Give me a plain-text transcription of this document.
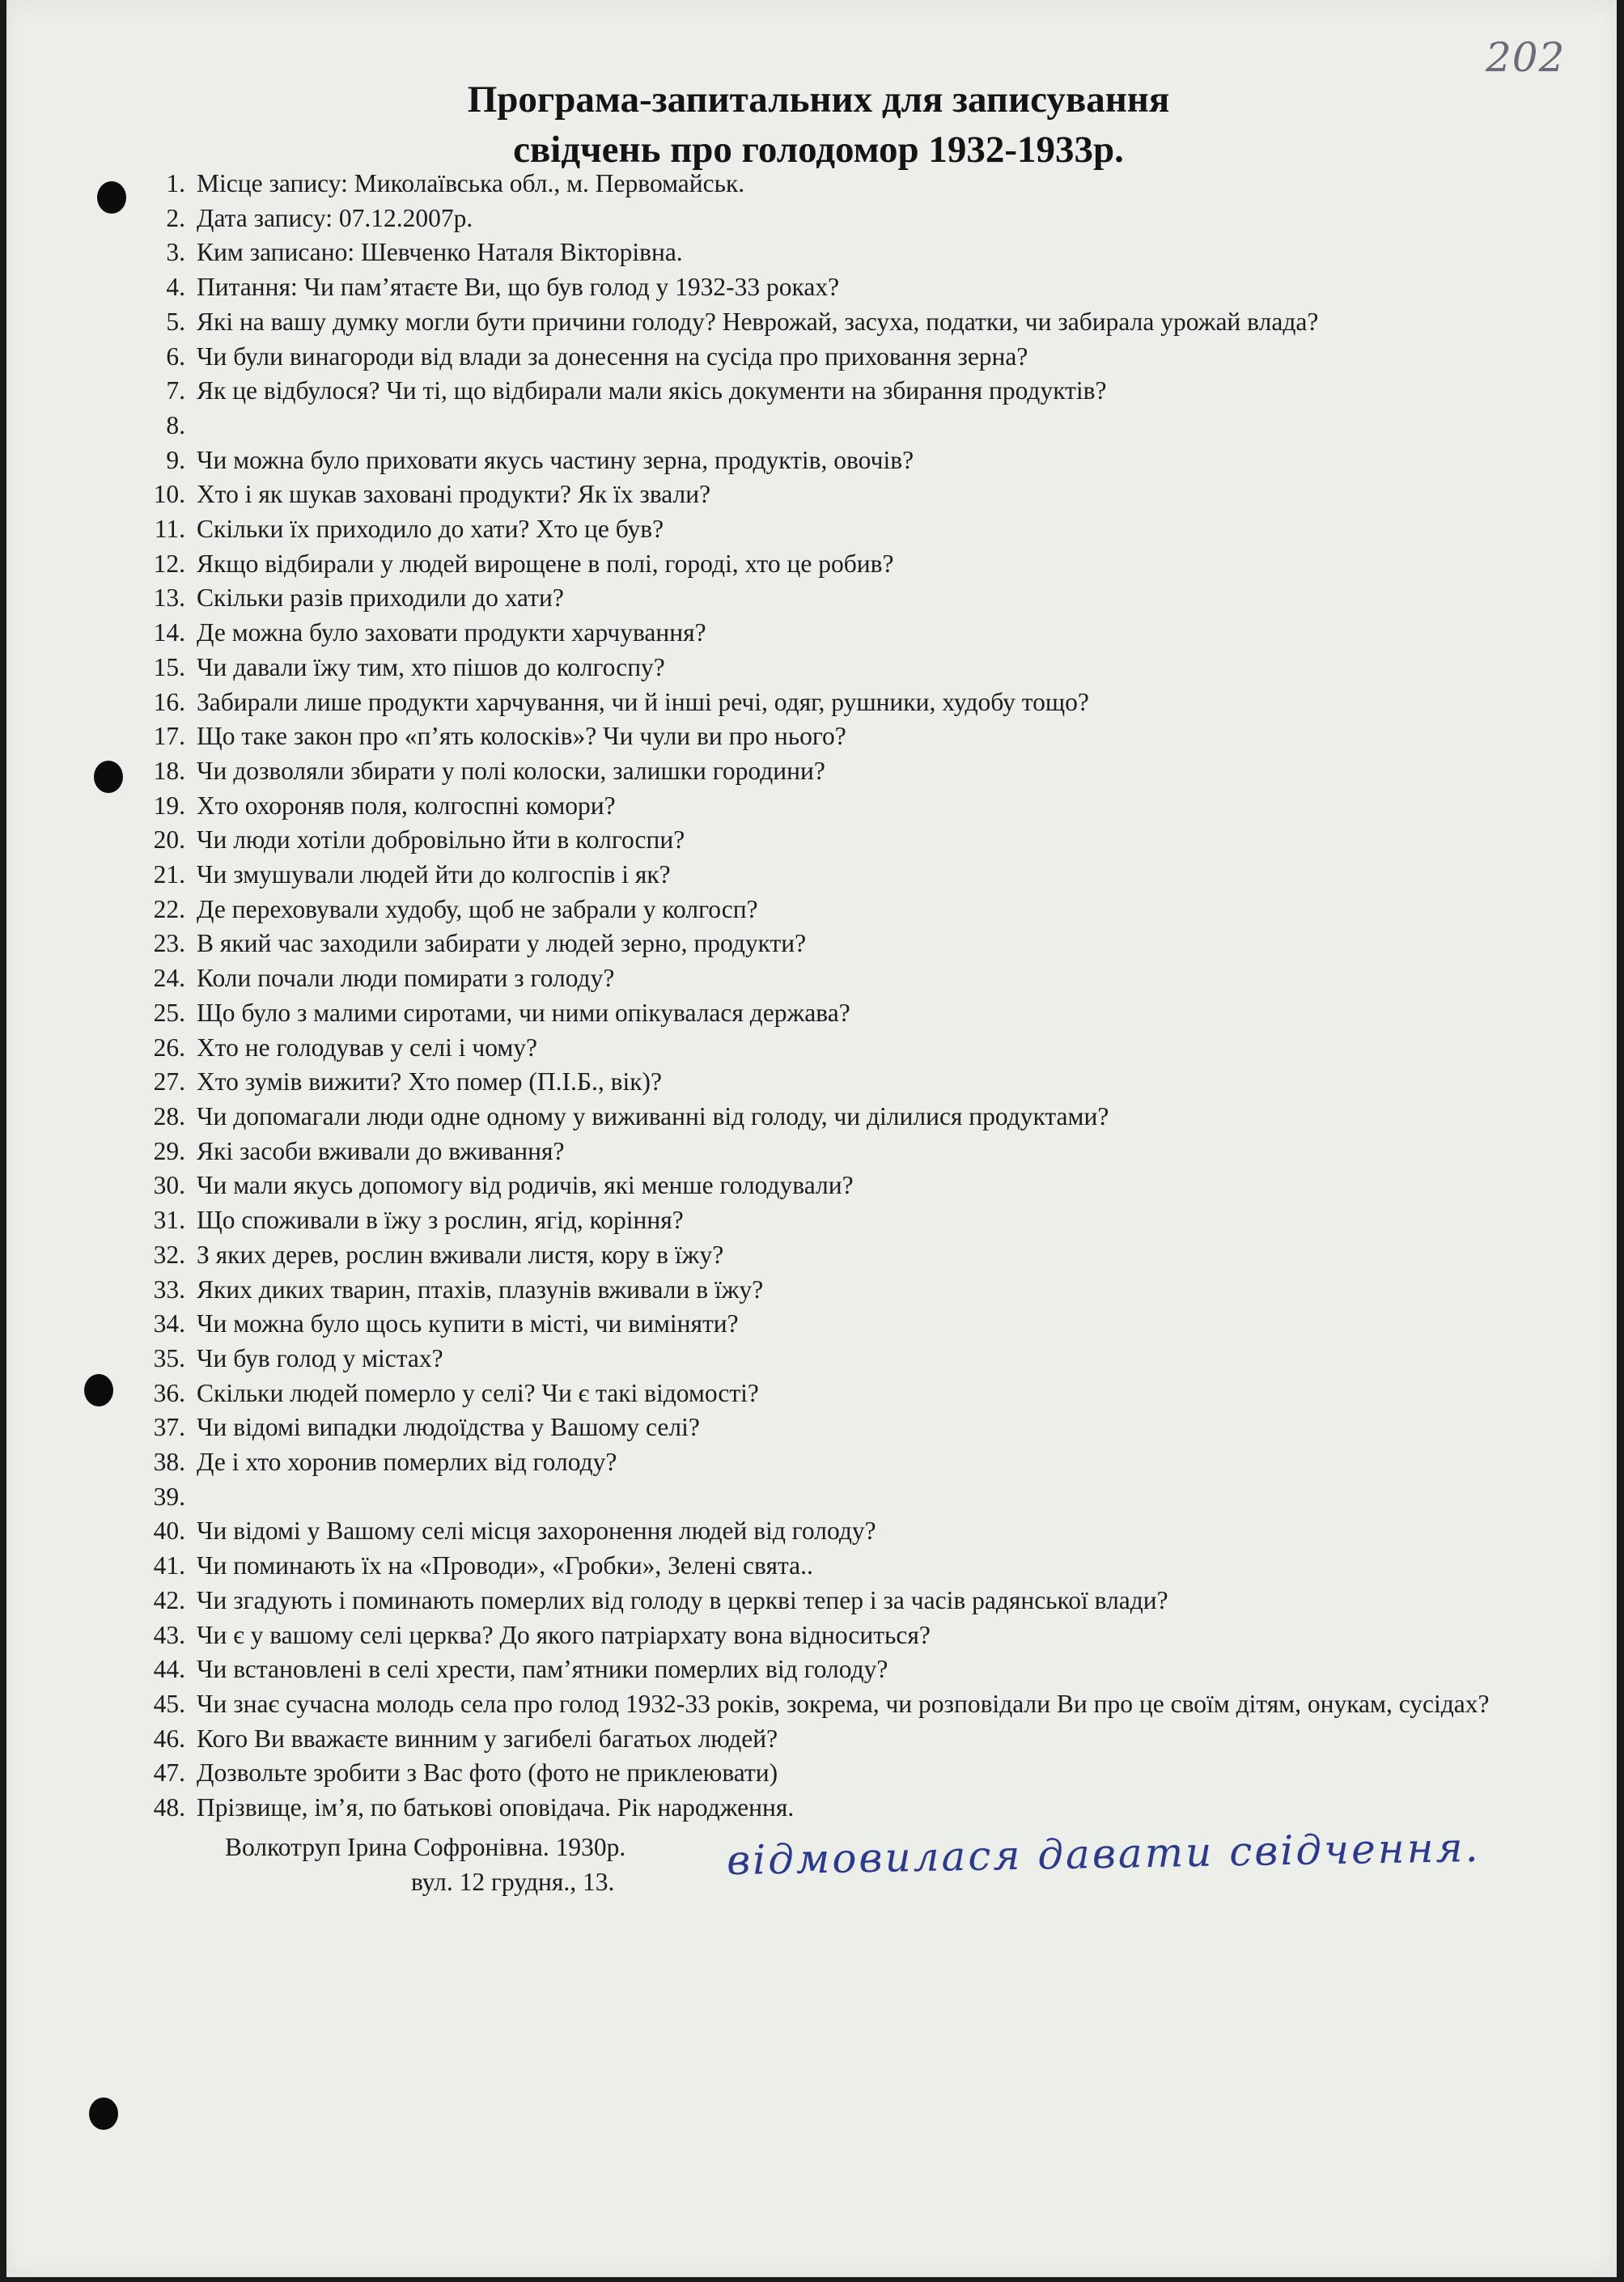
202
Програма-запитальних для записування
свідчень про голодомор 1932-1933р.
1. Місце запису: Миколаївська обл., м. Первомайськ.
2. Дата запису: 07.12.2007р.
3. Ким записано: Шевченко Наталя Вікторівна.
4. Питання: Чи пам’ятаєте Ви, що був голод у 1932-33 роках?
5. Які на вашу думку могли бути причини голоду? Неврожай, засуха, податки, чи забирала урожай влада?
6. Чи були винагороди від влади за донесення на сусіда про приховання зерна?
7. Як це відбулося? Чи ті, що відбирали мали якісь документи на збирання продуктів?
8.

9. Чи можна було приховати якусь частину зерна, продуктів, овочів?
10. Хто і як шукав заховані продукти? Як їх звали?
11. Скільки їх приходило до хати? Хто це був?
12. Якщо відбирали у людей вирощене в полі, городі, хто це робив?
13. Скільки разів приходили до хати?
14. Де можна було заховати продукти харчування?
15. Чи давали їжу тим, хто пішов до колгоспу?
16. Забирали лише продукти харчування, чи й інші речі, одяг, рушники, худобу тощо?
17. Що таке закон про «п’ять колосків»? Чи чули ви про нього?
18. Чи дозволяли збирати у полі колоски, залишки городини?
19. Хто охороняв поля, колгоспні комори?
20. Чи люди хотіли добровільно йти в колгоспи?
21. Чи змушували людей йти до колгоспів і як?
22. Де переховували худобу, щоб не забрали у колгосп?
23. В який час заходили забирати у людей зерно, продукти?
24. Коли почали люди помирати з голоду?
25. Що було з малими сиротами, чи ними опікувалася держава?
26. Хто не голодував у селі і чому?
27. Хто зумів вижити? Хто помер (П.І.Б., вік)?
28. Чи допомагали люди одне одному у виживанні від голоду, чи ділилися продуктами?
29. Які засоби вживали до вживання?
30. Чи мали якусь допомогу від родичів, які менше голодували?
31. Що споживали в їжу з рослин, ягід, коріння?
32. З яких дерев, рослин вживали листя, кору в їжу?
33. Яких диких тварин, птахів, плазунів вживали в їжу?
34. Чи можна було щось купити в місті, чи виміняти?
35. Чи був голод у містах?
36. Скільки людей померло у селі? Чи є такі відомості?
37. Чи відомі випадки людоїдства у Вашому селі?
38. Де і хто хоронив померлих від голоду?
39.

40. Чи відомі у Вашому селі місця захоронення людей від голоду?
41. Чи поминають їх на «Проводи», «Гробки», Зелені свята..
42. Чи згадують і поминають померлих від голоду в церкві тепер і за часів радянської влади?
43. Чи є у вашому селі церква? До якого патріархату вона відноситься?
44. Чи встановлені в селі хрести, пам’ятники померлих від голоду?
45. Чи знає сучасна молодь села про голод 1932-33 років, зокрема, чи розповідали Ви про це своїм дітям, онукам, сусідах?
46. Кого Ви вважаєте винним у загибелі багатьох людей?
47. Дозвольте зробити з Вас фото (фото не приклеювати)
48. Прізвище, ім’я, по батькові оповідача. Рік народження.
Волкотруп Ірина Софронівна. 1930р.
вул. 12 грудня., 13.	відмовилася давати свідчення.
